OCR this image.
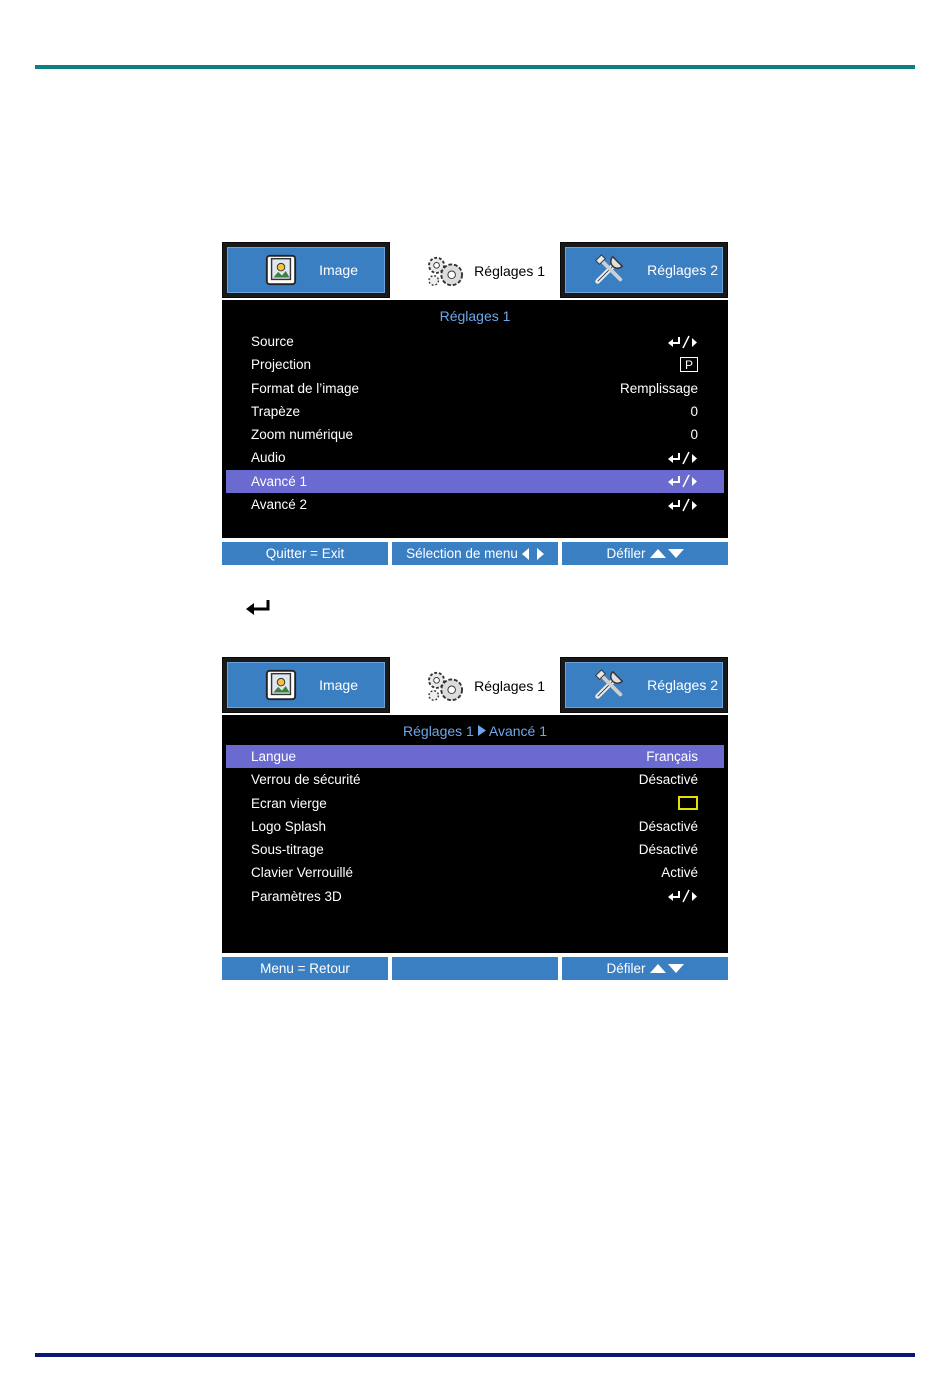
Image	Réglages 1	Réglages 2
Réglages 1
Source
Projection	P
Format de l’image	Remplissage
Trapèze	0
Zoom numérique	0
Audio
Avancé 1
Avancé 2
Quitter = Exit	Sélection de menu	Défiler
Image	Réglages 1	Réglages 2
Réglages 1 Avancé 1
Langue	Français
Verrou de sécurité	Désactivé
Ecran vierge
Logo Splash	Désactivé
Sous-titrage	Désactivé
Clavier Verrouillé	Activé
Paramètres 3D
Menu = Retour	Défiler
